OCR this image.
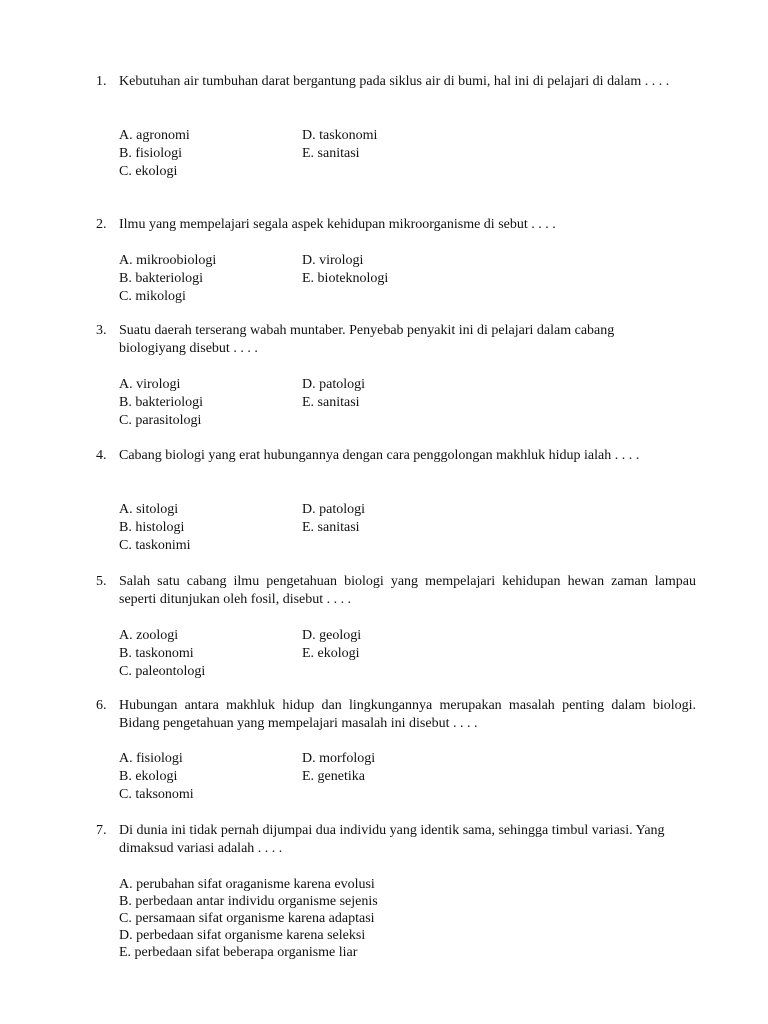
1. Kebutuhan air tumbuhan darat bergantung pada siklus air di bumi, hal ini di pelajari di dalam . . . .
A. agronomi
B. fisiologi
C. ekologi
D. taskonomi
E. sanitasi
2. Ilmu yang mempelajari segala aspek kehidupan mikroorganisme di sebut . . . .
A. mikroobiologi
B. bakteriologi
C. mikologi
D. virologi
E. bioteknologi
3. Suatu daerah terserang wabah muntaber. Penyebab penyakit ini di pelajari dalam cabang biologiyang disebut . . . .
A. virologi
B. bakteriologi
C. parasitologi
D. patologi
E. sanitasi
4. Cabang biologi yang erat hubungannya dengan cara penggolongan makhluk hidup ialah . . . .
A. sitologi
B. histologi
C. taskonimi
D. patologi
E. sanitasi
5. Salah satu cabang ilmu pengetahuan biologi yang mempelajari kehidupan hewan zaman lampau seperti ditunjukan oleh fosil, disebut . . . .
A. zoologi
B. taskonomi
C. paleontologi
D. geologi
E. ekologi
6. Hubungan antara makhluk hidup dan lingkungannya merupakan masalah penting dalam biologi. Bidang pengetahuan yang mempelajari masalah ini disebut . . . .
A. fisiologi
B. ekologi
C. taksonomi
D. morfologi
E. genetika
7. Di dunia ini tidak pernah dijumpai dua individu yang identik sama, sehingga timbul variasi. Yang dimaksud variasi adalah . . . .
A. perubahan sifat oraganisme karena evolusi
B. perbedaan antar individu organisme sejenis
C. persamaan sifat organisme karena adaptasi
D. perbedaan sifat organisme karena seleksi
E. perbedaan sifat beberapa organisme liar
